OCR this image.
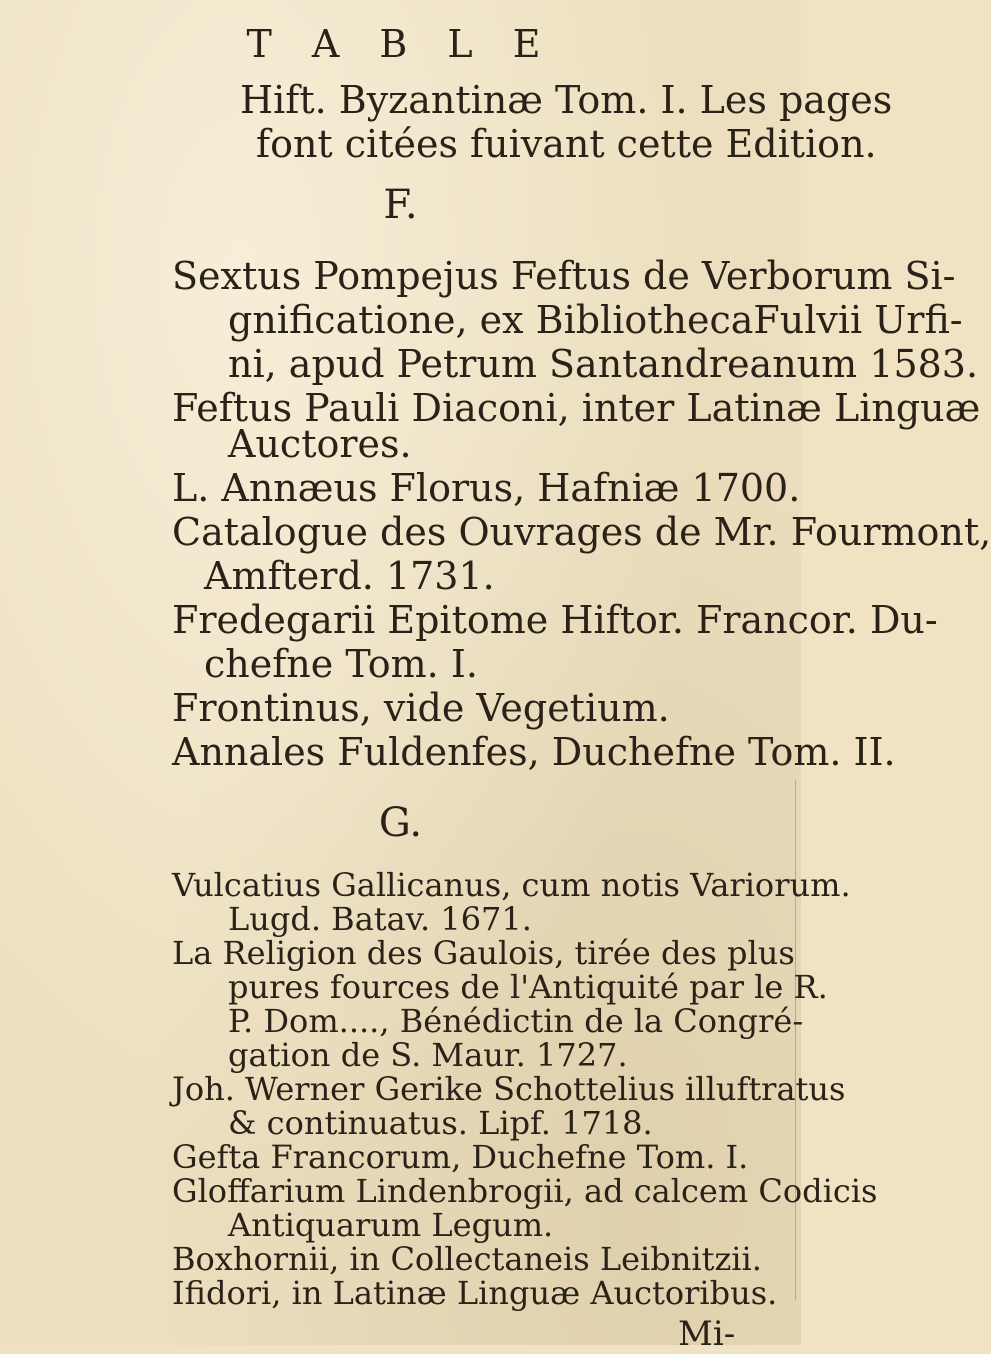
T A B L E
Hift. Byzantinæ Tom. I. Les pages
font citées fuivant cette Edition.
F.
Sextus Pompejus Feftus de Verborum Si-
gnificatione, ex BibliothecaFulvii Urfi-
ni, apud Petrum Santandreanum 1583.
Feftus Pauli Diaconi, inter Latinæ Linguæ
Auctores.
L. Annæus Florus, Hafniæ 1700.
Catalogue des Ouvrages de Mr. Fourmont,
Amfterd. 1731.
Fredegarii Epitome Hiftor. Francor. Du-
chefne Tom. I.
Frontinus, vide Vegetium.
Annales Fuldenfes, Duchefne Tom. II.
G.
Vulcatius Gallicanus, cum notis Variorum.
Lugd. Batav. 1671.
La Religion des Gaulois, tirée des plus
pures fources de l'Antiquité par le R.
P. Dom...., Bénédictin de la Congré-
gation de S. Maur. 1727.
Joh. Werner Gerike Schottelius illuftratus
& continuatus. Lipf. 1718.
Gefta Francorum, Duchefne Tom. I.
Gloffarium Lindenbrogii, ad calcem Codicis
Antiquarum Legum.
Mi-
Boxhornii, in Collectaneis Leibnitzii.
Ifidori, in Latinæ Linguæ Auctoribus.
